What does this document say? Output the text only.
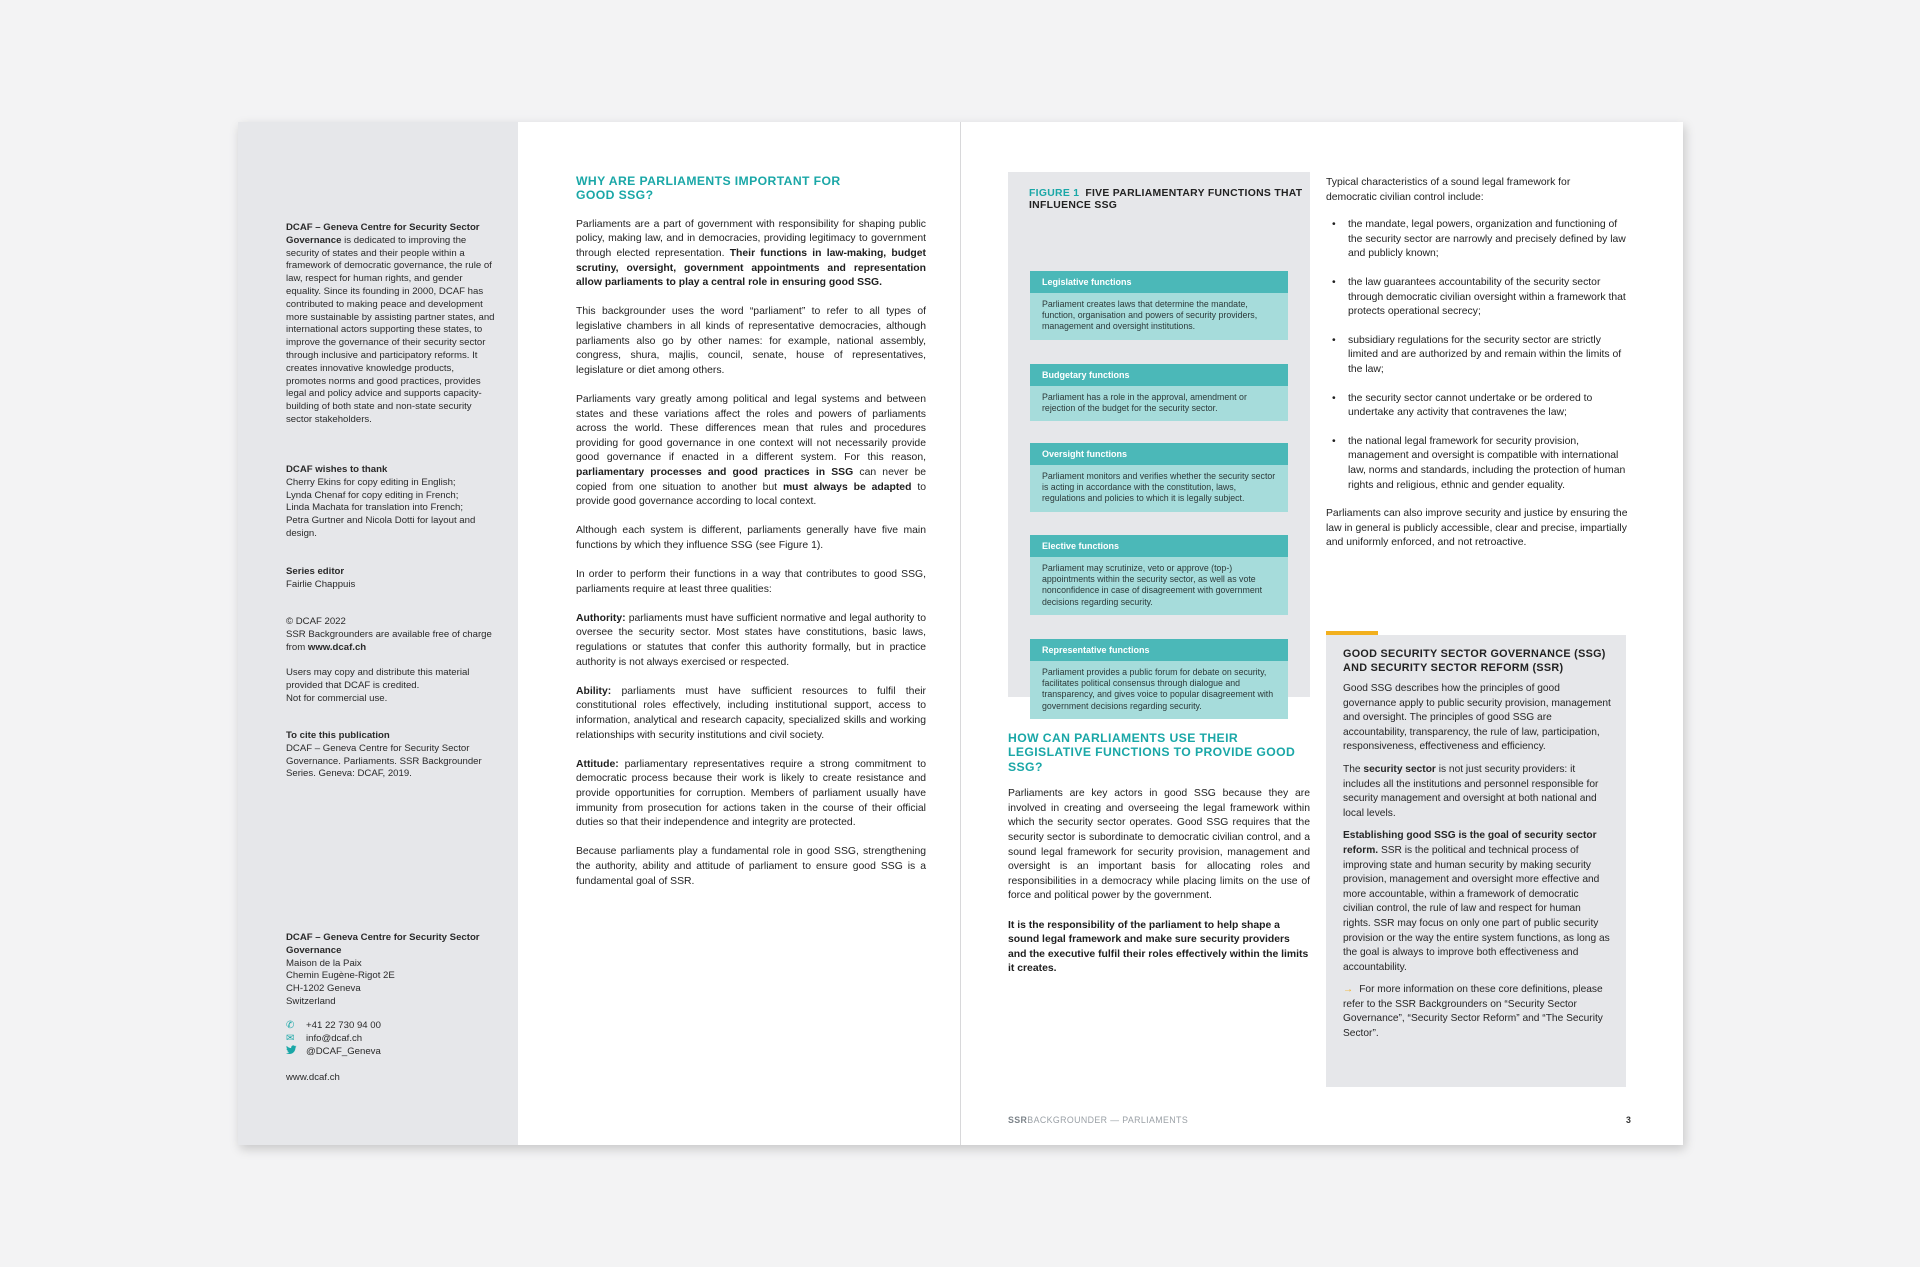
DCAF – Geneva Centre for Security Sector Governance is dedicated to improving the security of states and their people within a framework of democratic governance, the rule of law, respect for human rights, and gender equality. Since its founding in 2000, DCAF has contributed to making peace and development more sustainable by assisting partner states, and international actors supporting these states, to improve the governance of their security sector through inclusive and participatory reforms. It creates innovative knowledge products, promotes norms and good practices, provides legal and policy advice and supports capacity-building of both state and non-state security sector stakeholders.

DCAF wishes to thank

Cherry Ekins for copy editing in English;

Lynda Chenaf for copy editing in French;

Linda Machata for translation into French;

Petra Gurtner and Nicola Dotti for layout and design.

Series editor

Fairlie Chappuis

© DCAF 2022

SSR Backgrounders are available free of charge from www.dcaf.ch

Users may copy and distribute this material provided that DCAF is credited.

Not for commercial use.

To cite this publication

DCAF – Geneva Centre for Security Sector Governance. Parliaments. SSR Backgrounder Series. Geneva: DCAF, 2019.

DCAF – Geneva Centre for Security Sector Governance

Maison de la Paix

Chemin Eugène-Rigot 2E

CH-1202 Geneva

Switzerland

✆	+41 22 730 94 00
✉	info@dcaf.ch
@DCAF_Geneva

www.dcaf.ch

WHY ARE PARLIAMENTS IMPORTANT FOR GOOD SSG?

Parliaments are a part of government with responsibility for shaping public policy, making law, and in democracies, providing legitimacy to government through elected representation. Their functions in law-making, budget scrutiny, oversight, government appointments and representation allow parliaments to play a central role in ensuring good SSG.

This backgrounder uses the word “parliament” to refer to all types of legislative chambers in all kinds of representative democracies, although parliaments also go by other names: for example, national assembly, congress, shura, majlis, council, senate, house of representatives, legislature or diet among others.

Parliaments vary greatly among political and legal systems and between states and these variations affect the roles and powers of parliaments across the world. These differences mean that rules and procedures providing for good governance in one context will not necessarily provide good governance if enacted in a different system. For this reason, parliamentary processes and good practices in SSG can never be copied from one situation to another but must always be adapted to provide good governance according to local context.

Although each system is different, parliaments generally have five main functions by which they influence SSG (see Figure 1).

In order to perform their functions in a way that contributes to good SSG, parliaments require at least three qualities:

Authority: parliaments must have sufficient normative and legal authority to oversee the security sector. Most states have constitutions, basic laws, regulations or statutes that confer this authority formally, but in practice authority is not always exercised or respected.

Ability: parliaments must have sufficient resources to fulfil their constitutional roles effectively, including institutional support, access to information, analytical and research capacity, specialized skills and working relationships with security institutions and civil society.

Attitude: parliamentary representatives require a strong commitment to democratic process because their work is likely to create resistance and provide opportunities for corruption. Members of parliament usually have immunity from prosecution for actions taken in the course of their official duties so that their independence and integrity are protected.

Because parliaments play a fundamental role in good SSG, strengthening the authority, ability and attitude of parliament to ensure good SSG is a fundamental goal of SSR.

FIGURE 1 FIVE PARLIAMENTARY FUNCTIONS THAT INFLUENCE SSG
Legislative functions
Parliament creates laws that determine the mandate, function, organisation and powers of security providers, management and oversight institutions.
Budgetary functions
Parliament has a role in the approval, amendment or rejection of the budget for the security sector.
Oversight functions
Parliament monitors and verifies whether the security sector is acting in accordance with the constitution, laws, regulations and policies to which it is legally subject.
Elective functions
Parliament may scrutinize, veto or approve (top-) appointments within the security sector, as well as vote nonconfidence in case of disagreement with government decisions regarding security.
Representative functions
Parliament provides a public forum for debate on security, facilitates political consensus through dialogue and transparency, and gives voice to popular disagreement with government decisions regarding security.
HOW CAN PARLIAMENTS USE THEIR LEGISLATIVE FUNCTIONS TO PROVIDE GOOD SSG?

Parliaments are key actors in good SSG because they are involved in creating and overseeing the legal framework within which the security sector operates. Good SSG requires that the security sector is subordinate to democratic civilian control, and a sound legal framework for security provision, management and oversight is an important basis for allocating roles and responsibilities in a democracy while placing limits on the use of force and political power by the government.

It is the responsibility of the parliament to help shape a sound legal framework and make sure security providers and the executive fulfil their roles effectively within the limits it creates.

Typical characteristics of a sound legal framework for democratic civilian control include:

• the mandate, legal powers, organization and functioning of the security sector are narrowly and precisely defined by law and publicly known;
• the law guarantees accountability of the security sector through democratic civilian oversight within a framework that protects operational secrecy;
• subsidiary regulations for the security sector are strictly limited and are authorized by and remain within the limits of the law;
• the security sector cannot undertake or be ordered to undertake any activity that contravenes the law;
• the national legal framework for security provision, management and oversight is compatible with international law, norms and standards, including the protection of human rights and religious, ethnic and gender equality.

Parliaments can also improve security and justice by ensuring the law in general is publicly accessible, clear and precise, impartially and uniformly enforced, and not retroactive.

GOOD SECURITY SECTOR GOVERNANCE (SSG) AND SECURITY SECTOR REFORM (SSR)

Good SSG describes how the principles of good governance apply to public security provision, management and oversight. The principles of good SSG are accountability, transparency, the rule of law, participation, responsiveness, effectiveness and efficiency.

The security sector is not just security providers: it includes all the institutions and personnel responsible for security management and oversight at both national and local levels.

Establishing good SSG is the goal of security sector reform. SSR is the political and technical process of improving state and human security by making security provision, management and oversight more effective and more accountable, within a framework of democratic civilian control, the rule of law and respect for human rights. SSR may focus on only one part of public security provision or the way the entire system functions, as long as the goal is always to improve both effectiveness and accountability.

→ For more information on these core definitions, please refer to the SSR Backgrounders on “Security Sector Governance”, “Security Sector Reform” and “The Security Sector”.

SSRBACKGROUNDER — PARLIAMENTS	3
